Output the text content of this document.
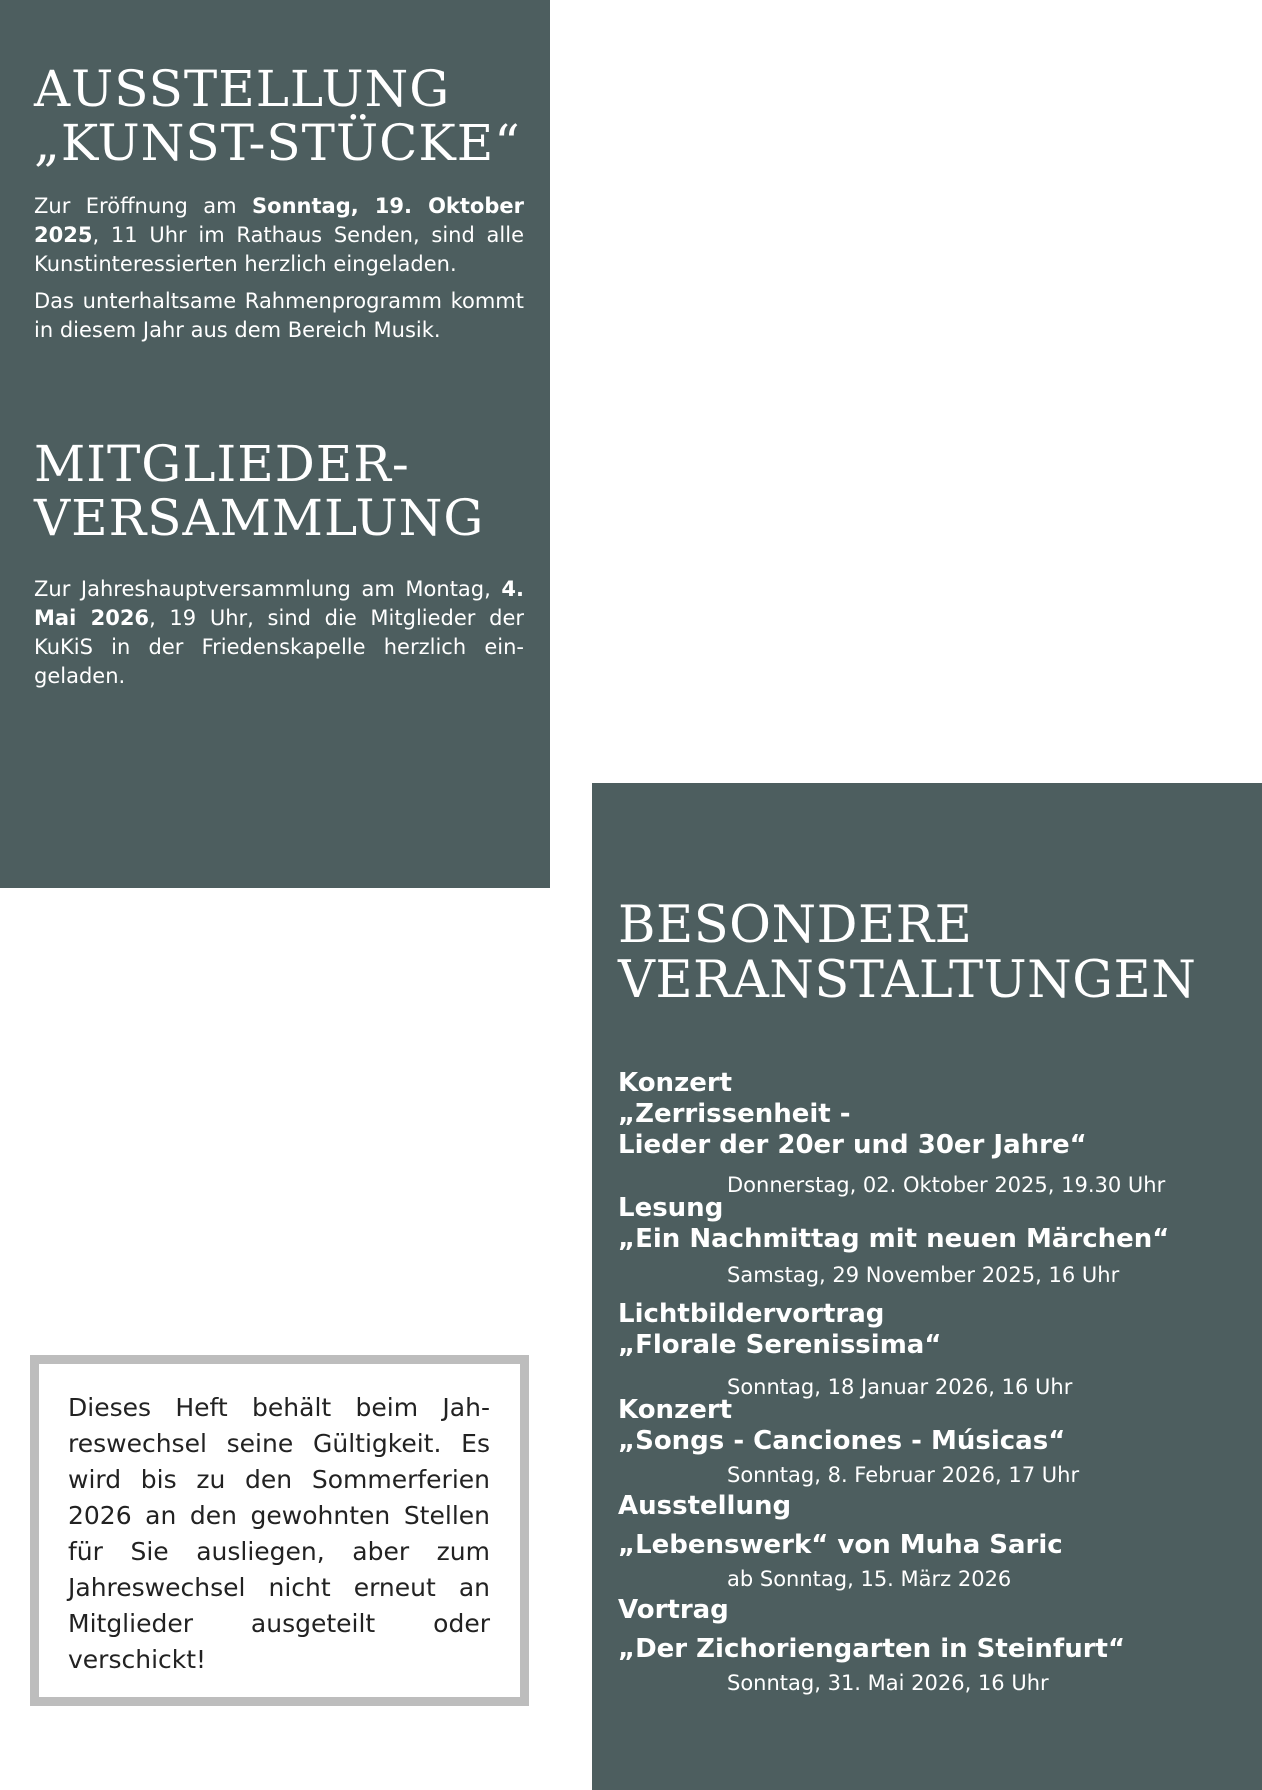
AUSSTELLUNG
„KUNST-STÜCKE“

Zur Eröffnung am Sonntag, 19. Oktober 2025, 11 Uhr im Rathaus Senden, sind alle Kunstinteressierten herzlich eingeladen.

Das unterhaltsame Rahmenprogramm kommt in diesem Jahr aus dem Bereich Musik.

MITGLIEDER-
VERSAMMLUNG

Zur Jahreshauptversammlung am Montag, 4. Mai 2026, 19 Uhr, sind die Mitglieder der KuKiS in der Friedenskapelle herzlich eingeladen.

Dieses Heft behält beim Jahreswechsel seine Gültigkeit. Es wird bis zu den Sommerferien 2026 an den gewohnten Stellen für Sie ausliegen, aber zum Jahreswechsel nicht erneut an Mitglieder ausgeteilt oder verschickt!

BESONDERE
VERANSTALTUNGEN
Konzert
„Zerrissenheit -
Lieder der 20er und 30er Jahre“
Donnerstag, 02. Oktober 2025, 19.30 Uhr
Lesung
„Ein Nachmittag mit neuen Märchen“
Samstag, 29 November 2025, 16 Uhr
Lichtbildervortrag
„Florale Serenissima“
Sonntag, 18 Januar 2026, 16 Uhr
Konzert
„Songs - Canciones - Músicas“
Sonntag, 8. Februar 2026, 17 Uhr
Ausstellung
„Lebenswerk“ von Muha Saric
ab Sonntag, 15. März 2026
Vortrag
„Der Zichoriengarten in Steinfurt“
Sonntag, 31. Mai 2026, 16 Uhr
